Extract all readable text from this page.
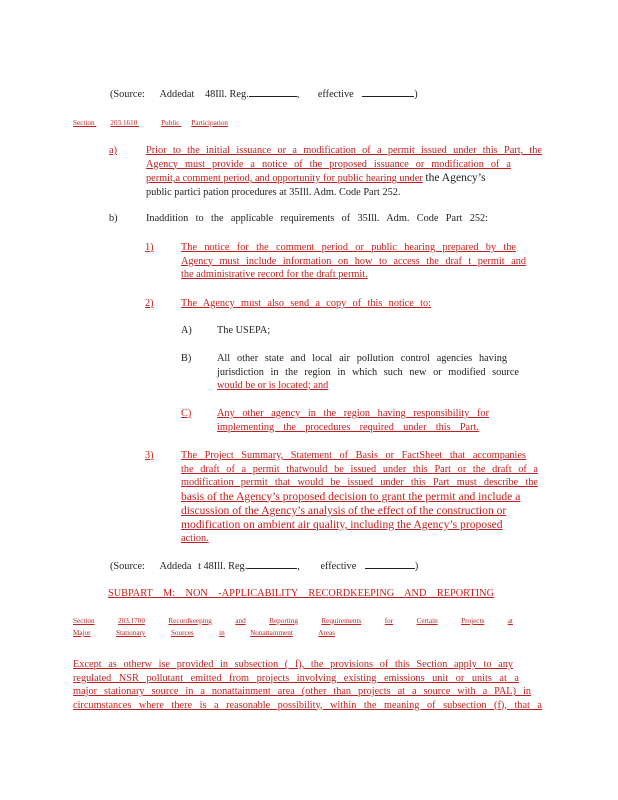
(Source: Addedat 48Ill. Reg.	, effective	)
Section 203.1610	Public Participation
a)	Prior to the initial issuance or a modification of a permit issued under this Part, the
Agency must provide a notice of the proposed issuance or modification of a
permit,a comment period, and opportunity for public hearing under the Agency’s
public partici pation procedures at 35Ill. Adm. Code Part 252.
b)	Inaddition to the applicable requirements of 35Ill. Adm. Code Part 252:
1)	The notice for the comment period or public hearing prepared by the
Agency must include information on how to access the draf t permit and
the administrative record for the draft permit.
2)	The Agency must also send a copy of this notice to:
A) The USEPA;
B) All other state and local air pollution control agencies having
jurisdiction in the region in which such new or modified source
would be or is located; and
C) Any other agency in the region having responsibility for
implementing the procedures required under this Part.
3)	The Project Summary, Statement of Basis or FactSheet that accompanies
the draft of a permit thatwould be issued under this Part or the draft of a
modification permit that would be issued under this Part must describe the
basis of the Agency’s proposed decision to grant the permit and include a
discussion of the Agency’s analysis of the effect of the construction or
modification on ambient air quality, including the Agency’s proposed
action.
(Source: Addeda t 48Ill. Reg.	, effective	)
SUBPART M: NON -APPLICABILITY RECORDKEEPING AND REPORTING
Section	203.1700	Recordkeeping	and	Reporting	Requirements	for	Certain	Projects	at
Major	Stationary	Sources	in	Nonattainment	Areas
Except as otherw ise provided in subsection ( f), the provisions of this Section apply to any
regulated NSR pollutant emitted from projects involving existing emissions unit or units at a
major stationary source in a nonattainment area (other than projects at a source with a PAL) in
circumstances where there is a reasonable possibility, within the meaning of subsection (f), that a
